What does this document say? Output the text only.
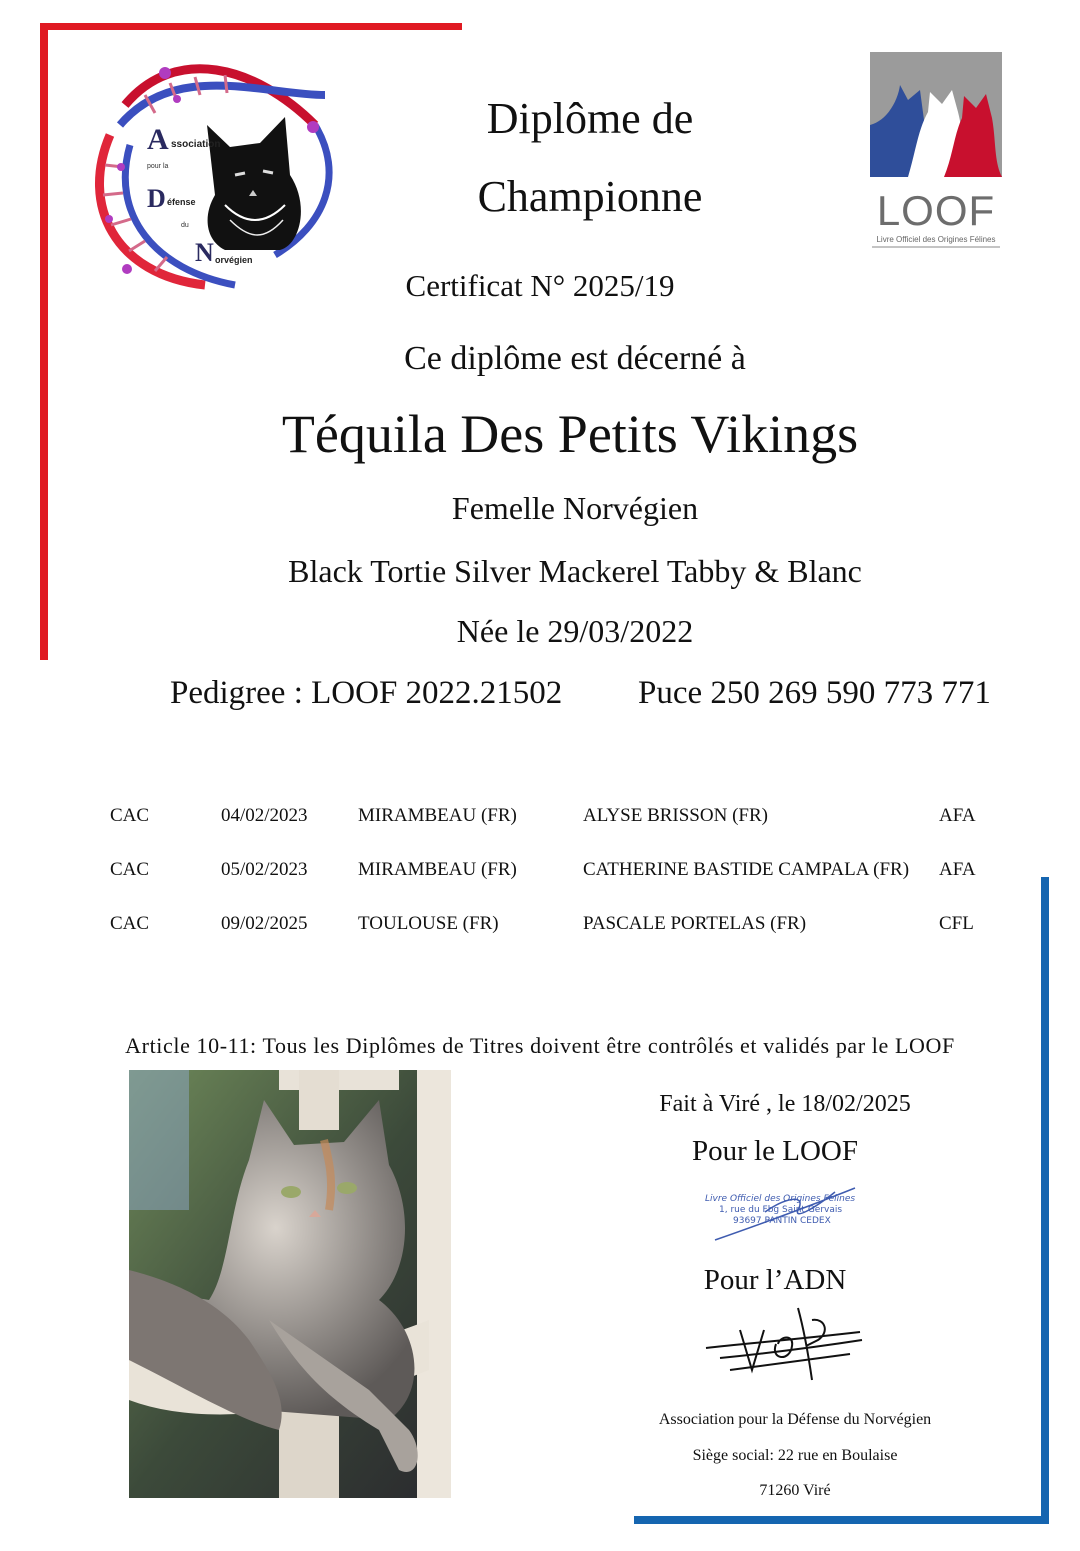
A ssociation
pour la
D éfense
du
N orvégien
Diplôme de
Championne	LOOF
Livre Officiel des Origines Félines
Certificat N° 2025/19
Ce diplôme est décerné à
Téquila Des Petits Vikings
Femelle Norvégien
Black Tortie Silver Mackerel Tabby & Blanc
Née le 29/03/2022
Pedigree : LOOF 2022.21502 Puce 250 269 590 773 771
CAC	04/02/2023	MIRAMBEAU (FR)	ALYSE BRISSON (FR)	AFA
CAC	05/02/2023	MIRAMBEAU (FR)	CATHERINE BASTIDE CAMPALA (FR) AFA
CAC	09/02/2025	TOULOUSE (FR)	PASCALE PORTELAS (FR)	CFL
Article 10-11: Tous les Diplômes de Titres doivent être contrôlés et validés par le LOOF
Fait à Viré , le 18/02/2025
Pour le LOOF
Livre Officiel des Origines Félines
1, rue du Fbg Saint Gervais
93697 PANTIN CEDEX
Pour l’ADN
Association pour la Défense du Norvégien
Siège social: 22 rue en Boulaise
71260 Viré
